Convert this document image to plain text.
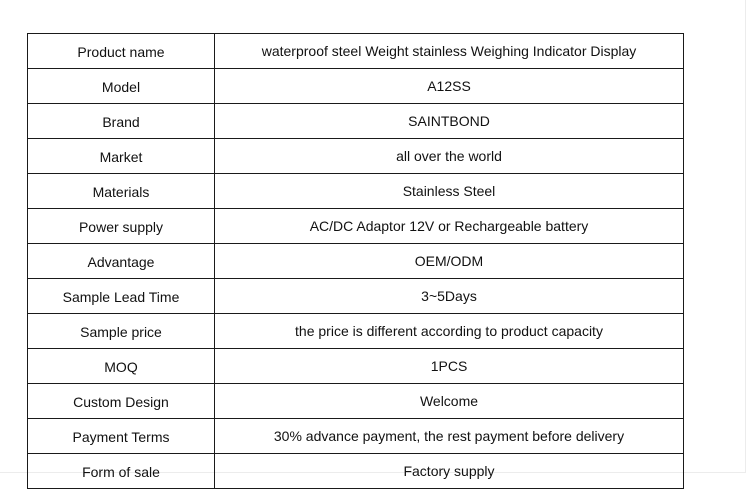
Product name	waterproof steel Weight stainless Weighing Indicator Display
Model	A12SS
Brand	SAINTBOND
Market	all over the world
Materials	Stainless Steel
Power supply	AC/DC Adaptor 12V or Rechargeable battery
Advantage	OEM/ODM
Sample Lead Time	3~5Days
Sample price	the price is different according to product capacity
MOQ	1PCS
Custom Design	Welcome
Payment Terms	30% advance payment, the rest payment before delivery
Form of sale	Factory supply
